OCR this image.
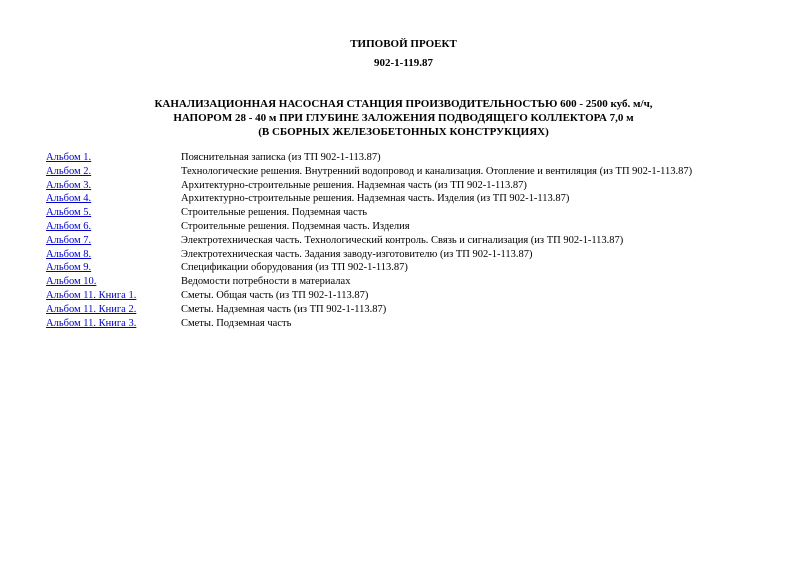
ТИПОВОЙ ПРОЕКТ
902-1-119.87
КАНАЛИЗАЦИОННАЯ НАСОСНАЯ СТАНЦИЯ ПРОИЗВОДИТЕЛЬНОСТЬЮ 600 - 2500 куб. м/ч,
НАПОРОМ 28 - 40 м ПРИ ГЛУБИНЕ ЗАЛОЖЕНИЯ ПОДВОДЯЩЕГО КОЛЛЕКТОРА 7,0 м
(В СБОРНЫХ ЖЕЛЕЗОБЕТОННЫХ КОНСТРУКЦИЯХ)
Альбом 1.	Пояснительная записка (из ТП 902-1-113.87)
Альбом 2.	Технологические решения. Внутренний водопровод и канализация. Отопление и вентиляция (из ТП 902-1-113.87)
Альбом 3.	Архитектурно-строительные решения. Надземная часть (из ТП 902-1-113.87)
Альбом 4.	Архитектурно-строительные решения. Надземная часть. Изделия (из ТП 902-1-113.87)
Альбом 5.	Строительные решения. Подземная часть
Альбом 6.	Строительные решения. Подземная часть. Изделия
Альбом 7.	Электротехническая часть. Технологический контроль. Связь и сигнализация (из ТП 902-1-113.87)
Альбом 8.	Электротехническая часть. Задания заводу-изготовителю (из ТП 902-1-113.87)
Альбом 9.	Спецификации оборудования (из ТП 902-1-113.87)
Альбом 10.	Ведомости потребности в материалах
Альбом 11. Книга 1.	Сметы. Общая часть (из ТП 902-1-113.87)
Альбом 11. Книга 2.	Сметы. Надземная часть (из ТП 902-1-113.87)
Альбом 11. Книга 3.	Сметы. Подземная часть
